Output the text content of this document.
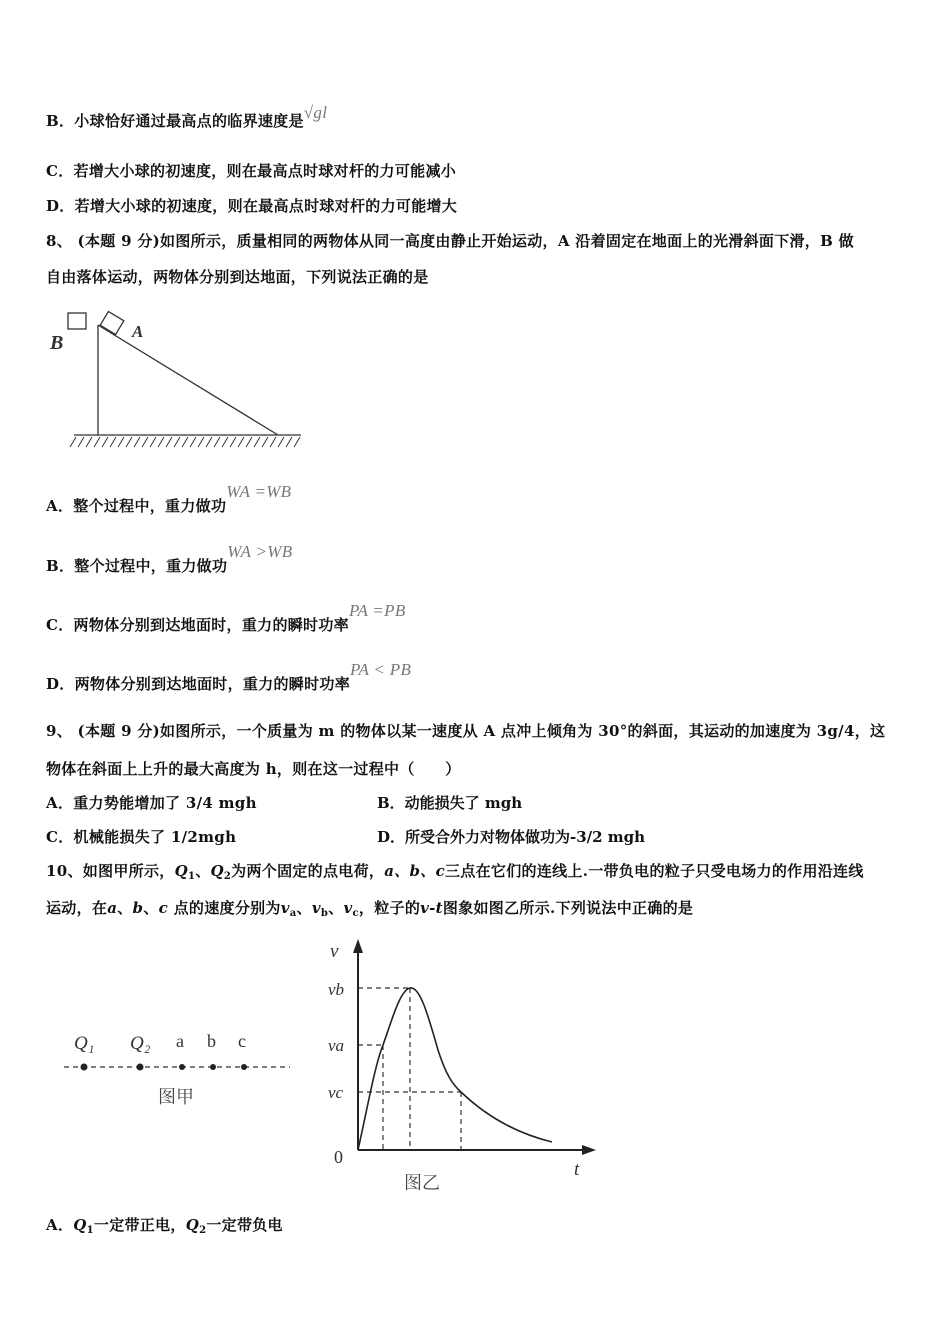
B．小球恰好通过最高点的临界速度是√gl
C．若增大小球的初速度，则在最高点时球对杆的力可能减小
D．若增大小球的初速度，则在最高点时球对杆的力可能增大
8、 (本题 9 分)如图所示，质量相同的两物体从同一高度由静止开始运动，A 沿着固定在地面上的光滑斜面下滑，B 做
自由落体运动，两物体分别到达地面，下列说法正确的是
B
A
A．整个过程中，重力做功WA =WB
B．整个过程中，重力做功WA >WB
C．两物体分别到达地面时，重力的瞬时功率PA =PB
D．两物体分别到达地面时，重力的瞬时功率PA < PB
9、 (本题 9 分)如图所示，一个质量为 m 的物体以某一速度从 A 点冲上倾角为 30°的斜面，其运动的加速度为 3g/4，这
物体在斜面上上升的最大高度为 h，则在这一过程中（　　）
A．重力势能增加了 3/4 mgh	B．动能损失了 mgh
C．机械能损失了 1/2mgh	D．所受合外力对物体做功为-3/2 mgh
10、如图甲所示，$Q_1$、$Q_2$为两个固定的点电荷，a、b、c三点在它们的连线上.一带负电的粒子只受电场力的作用沿连线
运动，在a、b、c 点的速度分别为$v_a$、$v_b$、$v_c$，粒子的v-t图象如图乙所示.下列说法中正确的是
Q₁ Q₂ a b c
图甲
v
vb
va
vc
0
t
图乙
A．$Q_1$一定带正电，$Q_2$一定带负电
